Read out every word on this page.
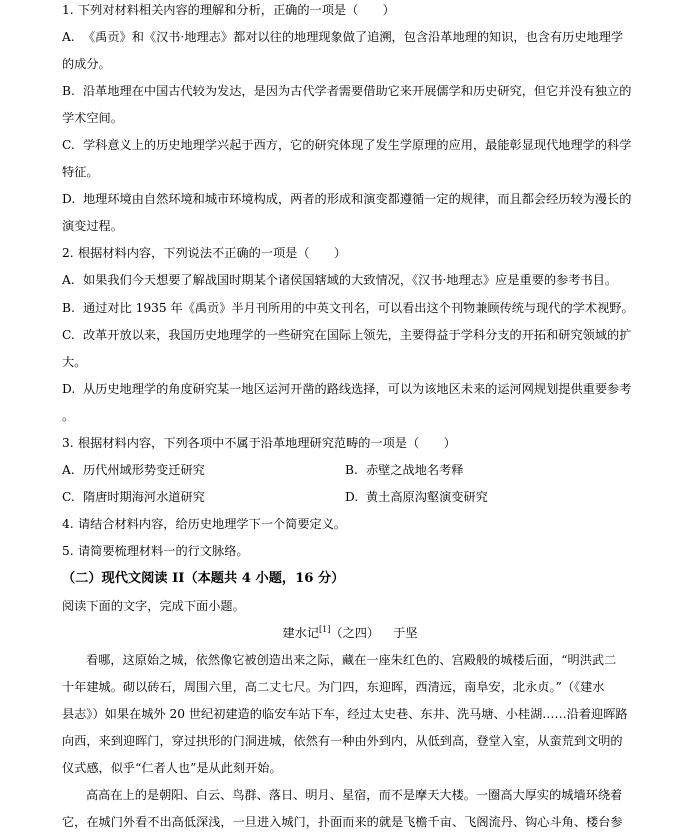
1. 下列对材料相关内容的理解和分析，正确的一项是（　　）
A. 《禹贡》和《汉书·地理志》都对以往的地理现象做了追溯，包含沿革地理的知识，也含有历史地理学
的成分。
B. 沿革地理在中国古代较为发达，是因为古代学者需要借助它来开展儒学和历史研究，但它并没有独立的
学术空间。
C. 学科意义上的历史地理学兴起于西方，它的研究体现了发生学原理的应用，最能彰显现代地理学的科学
特征。
D. 地理环境由自然环境和城市环境构成，两者的形成和演变都遵循一定的规律，而且都会经历较为漫长的
演变过程。
2. 根据材料内容，下列说法不正确的一项是（　　）
A. 如果我们今天想要了解战国时期某个诸侯国辖域的大致情况，《汉书·地理志》应是重要的参考书目。
B. 通过对比 1935 年《禹贡》半月刊所用的中英文刊名，可以看出这个刊物兼顾传统与现代的学术视野。
C. 改革开放以来，我国历史地理学的一些研究在国际上领先，主要得益于学科分支的开拓和研究领域的扩
大。
D. 从历史地理学的角度研究某一地区运河开凿的路线选择，可以为该地区未来的运河网规划提供重要参考
。
3. 根据材料内容，下列各项中不属于沿革地理研究范畴的一项是（　　）
A. 历代州域形势变迁研究	B. 赤壁之战地名考释
C. 隋唐时期海河水道研究	D. 黄土高原沟壑演变研究
4. 请结合材料内容，给历史地理学下一个简要定义。
5. 请简要梳理材料一的行文脉络。
（二）现代文阅读 II（本题共 4 小题，16 分）
阅读下面的文字，完成下面小题。
建水记[1]（之四） 于坚
看哪，这原始之城，依然像它被创造出来之际，藏在一座朱红色的、宫殿般的城楼后面，“明洪武二
十年建城。砌以砖石，周围六里，高二丈七尺。为门四，东迎晖，西清远，南阜安，北永贞。”（《建水
县志》）如果在城外 20 世纪初建造的临安车站下车，经过太史巷、东井、洗马塘、小桂湖……沿着迎晖路
向西，来到迎晖门，穿过拱形的门洞进城，依然有一种由外到内，从低到高，登堂入室，从蛮荒到文明的
仪式感，似乎“仁者人也”是从此刻开始。
高高在上的是朝阳、白云、鸟群、落日、明月、星宿，而不是摩天大楼。一圈高大厚实的城墙环绕着
它，在城门外看不出高低深浅，一旦进入城门，扑面而来的就是飞檐千亩、飞阁流丹、钩心斗角、楼台参
